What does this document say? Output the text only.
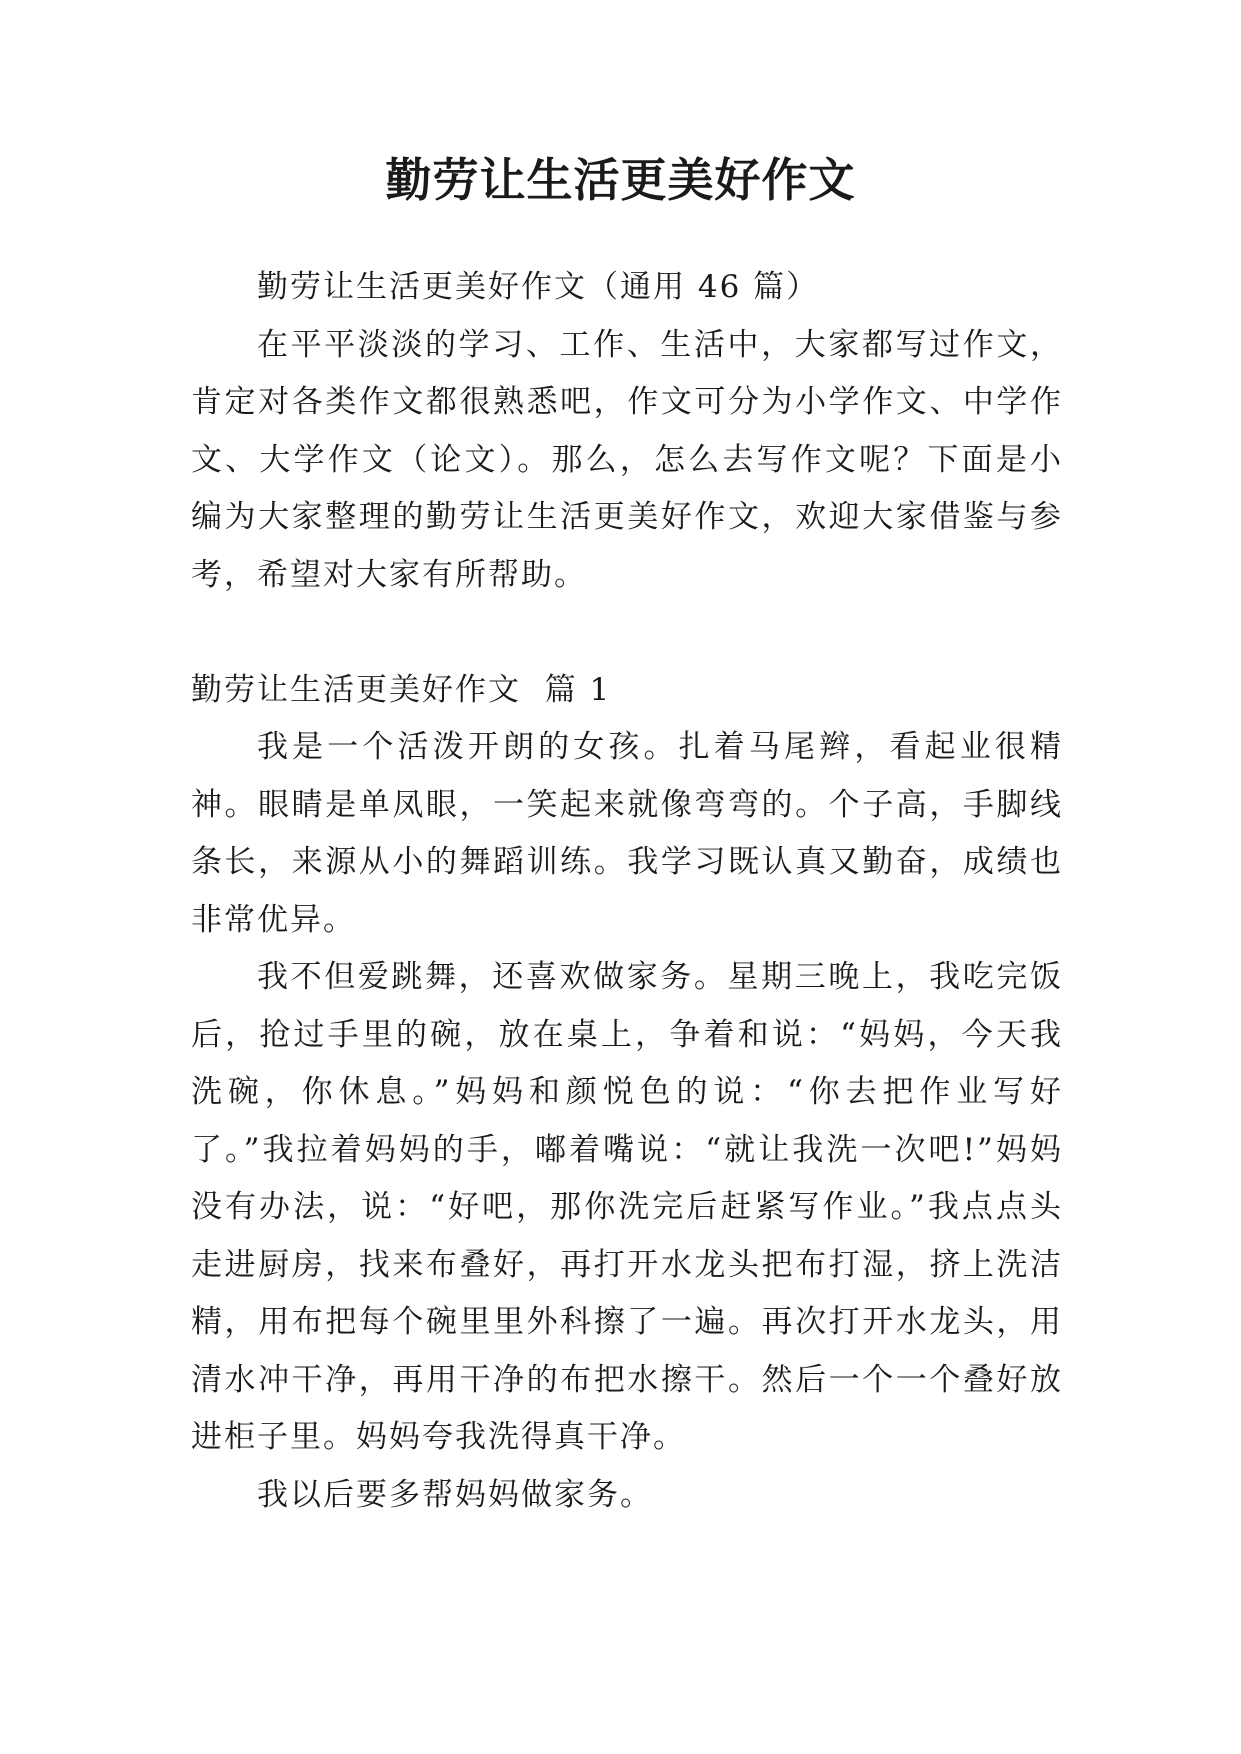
勤劳让生活更美好作文

勤劳让生活更美好作文（通用 46 篇）

在平平淡淡的学习、工作、生活中，大家都写过作文，肯定对各类作文都很熟悉吧，作文可分为小学作文、中学作文、大学作文（论文）。那么，怎么去写作文呢？下面是小编为大家整理的勤劳让生活更美好作文，欢迎大家借鉴与参考，希望对大家有所帮助。

勤劳让生活更美好作文  篇 1

我是一个活泼开朗的女孩。扎着马尾辫，看起业很精神。眼睛是单凤眼，一笑起来就像弯弯的。个子高，手脚线条长，来源从小的舞蹈训练。我学习既认真又勤奋，成绩也非常优异。

我不但爱跳舞，还喜欢做家务。星期三晚上，我吃完饭后，抢过手里的碗，放在桌上，争着和说：“妈妈，今天我洗碗，你休息。”妈妈和颜悦色的说：“你去把作业写好了。”我拉着妈妈的手，嘟着嘴说：“就让我洗一次吧!”妈妈没有办法，说：“好吧，那你洗完后赶紧写作业。”我点点头走进厨房，找来布叠好，再打开水龙头把布打湿，挤上洗洁精，用布把每个碗里里外科擦了一遍。再次打开水龙头，用清水冲干净，再用干净的布把水擦干。然后一个一个叠好放进柜子里。妈妈夸我洗得真干净。

我以后要多帮妈妈做家务。
